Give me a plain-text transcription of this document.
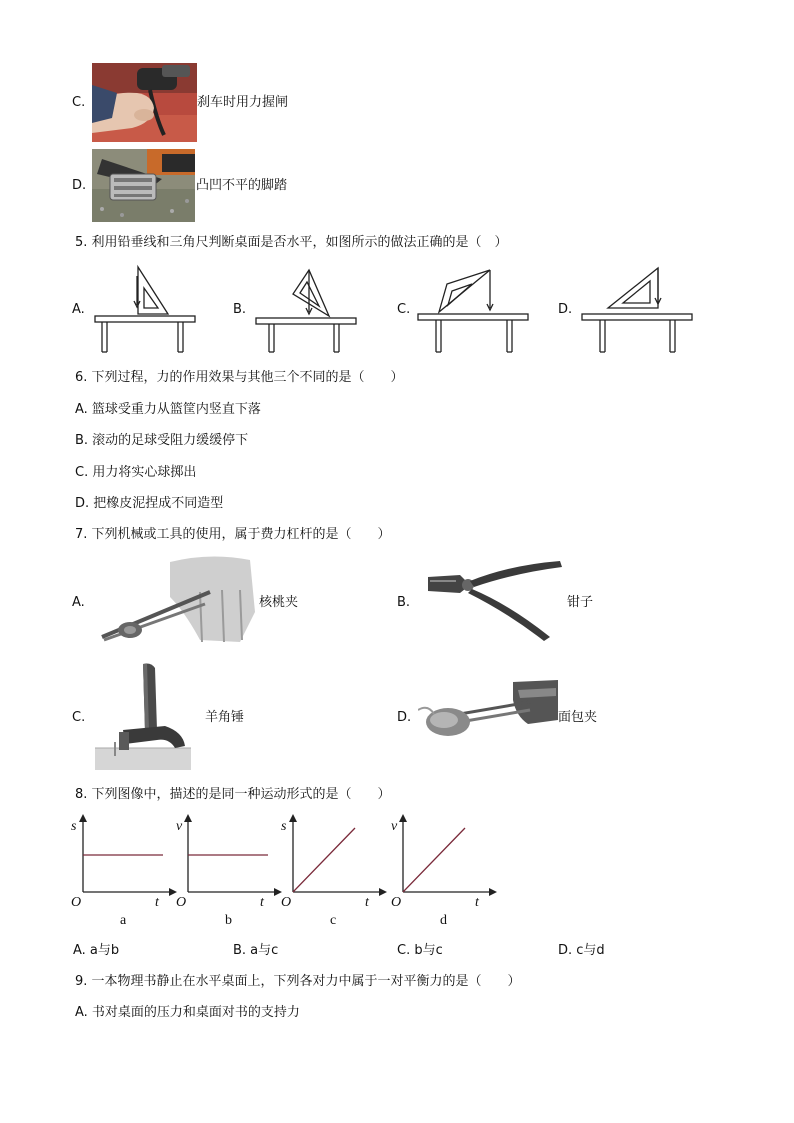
C.	刹车时用力握闸
D.	凸凹不平的脚踏
5. 利用铅垂线和三角尺判断桌面是否水平，如图所示的做法正确的是（　）
A.	B.	C.	D.
6. 下列过程，力的作用效果与其他三个不同的是（　　）
A. 篮球受重力从篮筐内竖直下落
B. 滚动的足球受阻力缓缓停下
C. 用力将实心球掷出
D. 把橡皮泥捏成不同造型
7. 下列机械或工具的使用，属于费力杠杆的是（　　）
A.	核桃夹	B.	钳子
C.	羊角锤	D.	面包夹
8. 下列图像中，描述的是同一种运动形式的是（　　）
s
t
O
a
v
t
O
b
s
t
O
c
v
t
O
d
A. a与b	B. a与c	C. b与c	D. c与d
9. 一本物理书静止在水平桌面上，下列各对力中属于一对平衡力的是（　　）
A. 书对桌面的压力和桌面对书的支持力
